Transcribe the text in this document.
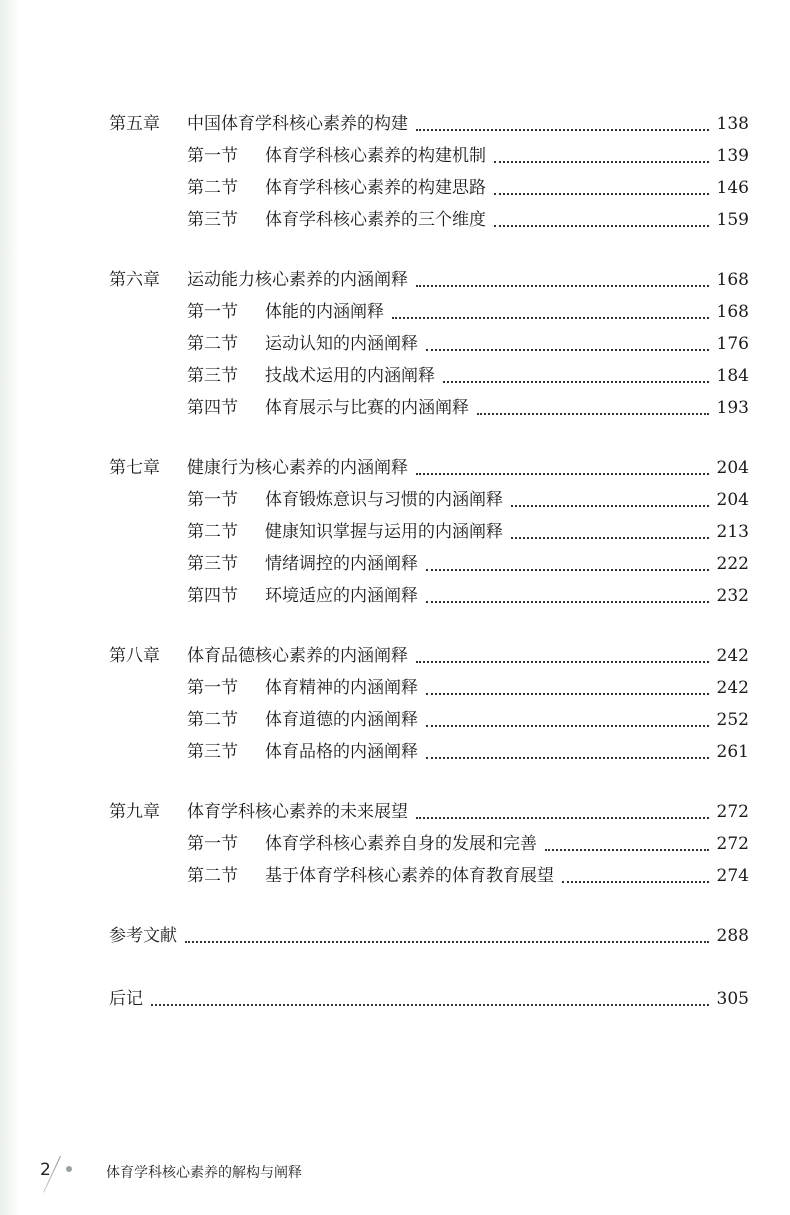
第五章 中国体育学科核心素养的构建	138
第一节 体育学科核心素养的构建机制	139
第二节 体育学科核心素养的构建思路	146
第三节 体育学科核心素养的三个维度	159
第六章 运动能力核心素养的内涵阐释	168
第一节 体能的内涵阐释	168
第二节 运动认知的内涵阐释	176
第三节 技战术运用的内涵阐释	184
第四节 体育展示与比赛的内涵阐释	193
第七章 健康行为核心素养的内涵阐释	204
第一节 体育锻炼意识与习惯的内涵阐释	204
第二节 健康知识掌握与运用的内涵阐释	213
第三节 情绪调控的内涵阐释	222
第四节 环境适应的内涵阐释	232
第八章 体育品德核心素养的内涵阐释	242
第一节 体育精神的内涵阐释	242
第二节 体育道德的内涵阐释	252
第三节 体育品格的内涵阐释	261
第九章 体育学科核心素养的未来展望	272
第一节 体育学科核心素养自身的发展和完善	272
第二节 基于体育学科核心素养的体育教育展望	274
参考文献	288
后记	305
2	体育学科核心素养的解构与阐释
